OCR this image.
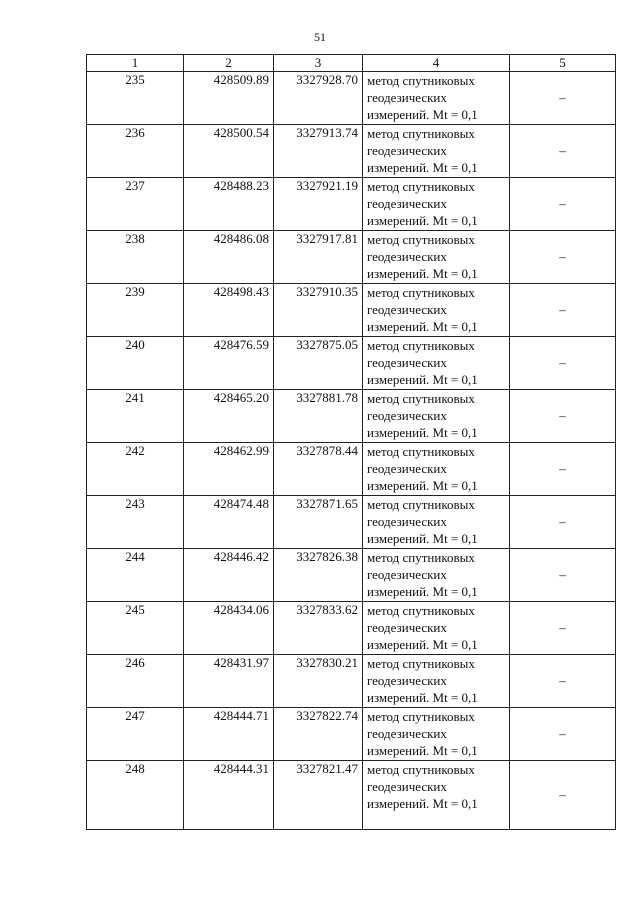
51
1	2	3	4	5
235	428509.89	3327928.70	метод спутниковых
геодезических
измерений. Mt = 0,1	–
236	428500.54	3327913.74	метод спутниковых
геодезических
измерений. Mt = 0,1	–
237	428488.23	3327921.19	метод спутниковых
геодезических
измерений. Mt = 0,1	–
238	428486.08	3327917.81	метод спутниковых
геодезических
измерений. Mt = 0,1	–
239	428498.43	3327910.35	метод спутниковых
геодезических
измерений. Mt = 0,1	–
240	428476.59	3327875.05	метод спутниковых
геодезических
измерений. Mt = 0,1	–
241	428465.20	3327881.78	метод спутниковых
геодезических
измерений. Mt = 0,1	–
242	428462.99	3327878.44	метод спутниковых
геодезических
измерений. Mt = 0,1	–
243	428474.48	3327871.65	метод спутниковых
геодезических
измерений. Mt = 0,1	–
244	428446.42	3327826.38	метод спутниковых
геодезических
измерений. Mt = 0,1	–
245	428434.06	3327833.62	метод спутниковых
геодезических
измерений. Mt = 0,1	–
246	428431.97	3327830.21	метод спутниковых
геодезических
измерений. Mt = 0,1	–
247	428444.71	3327822.74	метод спутниковых
геодезических
измерений. Mt = 0,1	–
248	428444.31	3327821.47	метод спутниковых
геодезических
измерений. Mt = 0,1	–
